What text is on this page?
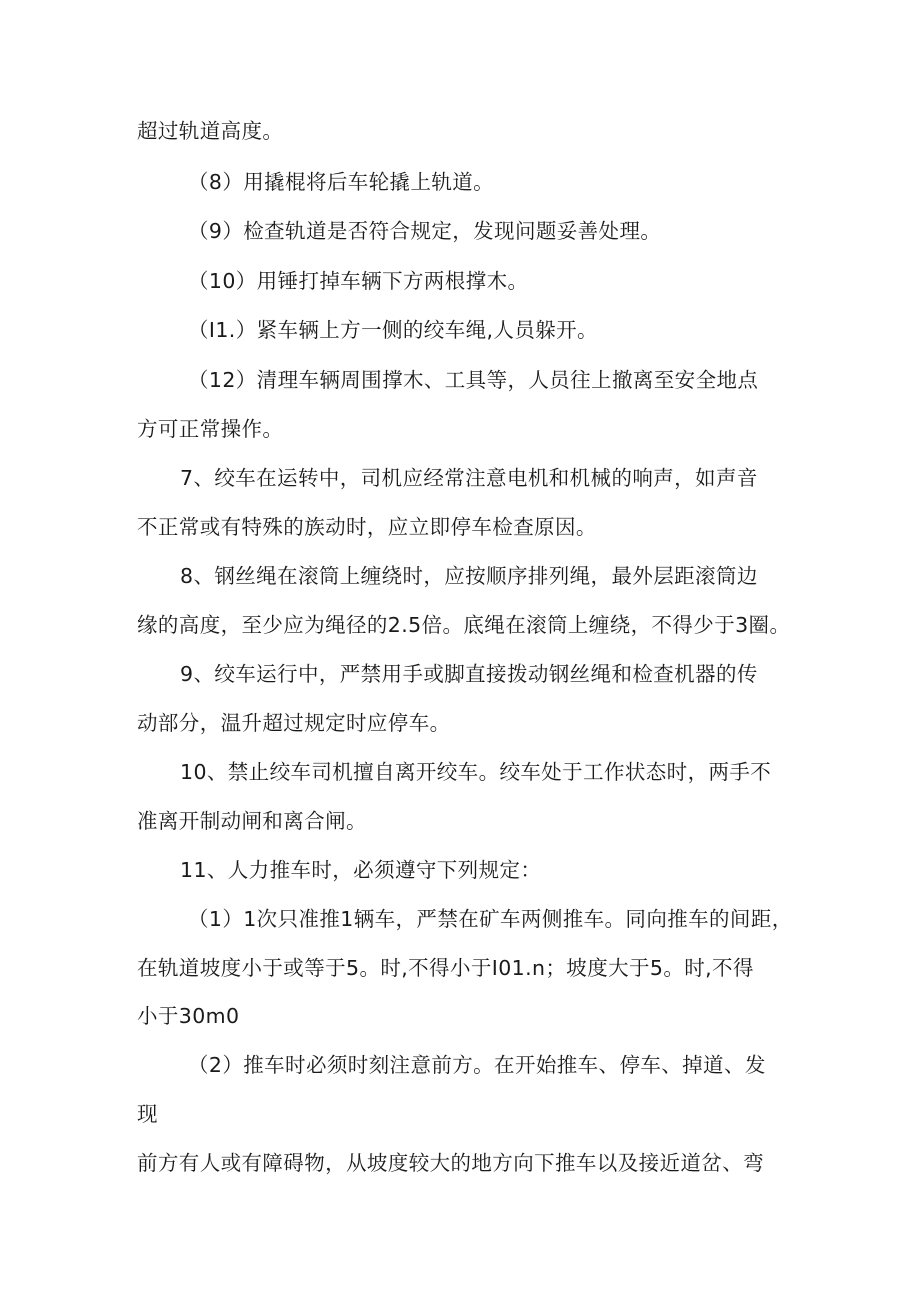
超过轨道高度。

（8）用撬棍将后车轮撬上轨道。

（9）检查轨道是否符合规定，发现问题妥善处理。

（10）用锤打掉车辆下方两根撑木。

（I1.）紧车辆上方一侧的绞车绳,人员躲开。

（12）清理车辆周围撑木、工具等，人员往上撤离至安全地点

方可正常操作。

7、绞车在运转中，司机应经常注意电机和机械的响声，如声音

不正常或有特殊的族动时，应立即停车检查原因。

8、钢丝绳在滚筒上缠绕时，应按顺序排列绳，最外层距滚筒边

缘的高度，至少应为绳径的2.5倍。底绳在滚筒上缠绕，不得少于3圈。

9、绞车运行中，严禁用手或脚直接拨动钢丝绳和检查机器的传

动部分，温升超过规定时应停车。

10、禁止绞车司机擅自离开绞车。绞车处于工作状态时，两手不

准离开制动闸和离合闸。

11、人力推车时，必须遵守下列规定：

（1）1次只准推1辆车，严禁在矿车两侧推车。同向推车的间距，

在轨道坡度小于或等于5。时,不得小于I01.n；坡度大于5。时,不得

小于30m0

（2）推车时必须时刻注意前方。在开始推车、停车、掉道、发

现

前方有人或有障碍物，从坡度较大的地方向下推车以及接近道岔、弯
